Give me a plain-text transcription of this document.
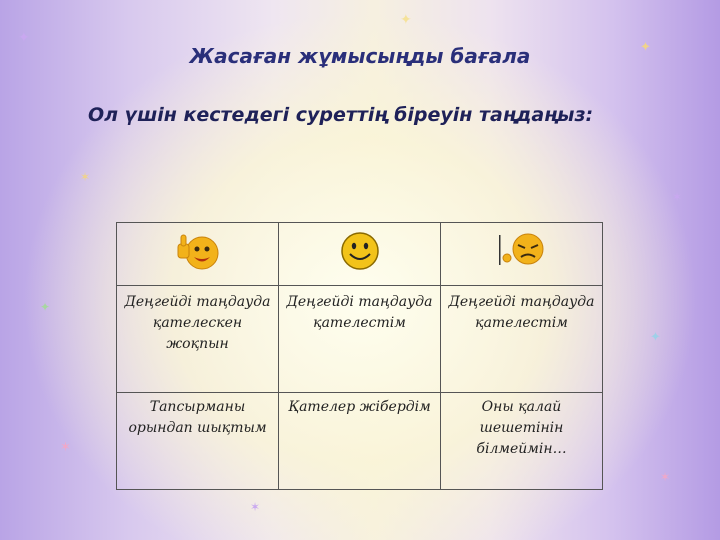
✦
✶
✦
✶
✦
✶
✦
✶
✦
✶
Жасаған жұмысыңды бағала
Ол үшін кестедегі суреттің біреуін таңдаңыз:

Деңгейді таңдауда қателескен жоқпын	Деңгейді таңдауда қателестім	Деңгейді таңдауда қателестім
Тапсырманы орындап шықтым	Қателер жібердім	Оны қалай шешетінін білмеймін…
